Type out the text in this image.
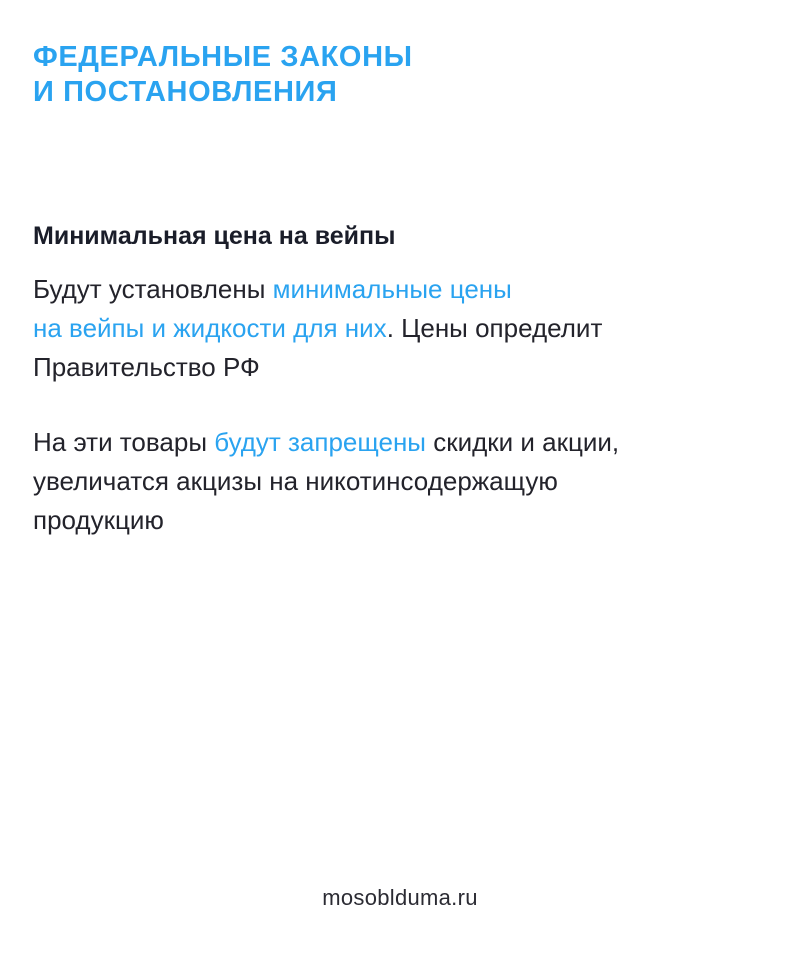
ФЕДЕРАЛЬНЫЕ ЗАКОНЫ
И ПОСТАНОВЛЕНИЯ
Минимальная цена на вейпы

Будут установлены минимальные цены
на вейпы и жидкости для них. Цены определит
Правительство РФ

На эти товары будут запрещены скидки и акции,
увеличатся акцизы на никотинсодержащую
продукцию

mosoblduma.ru
